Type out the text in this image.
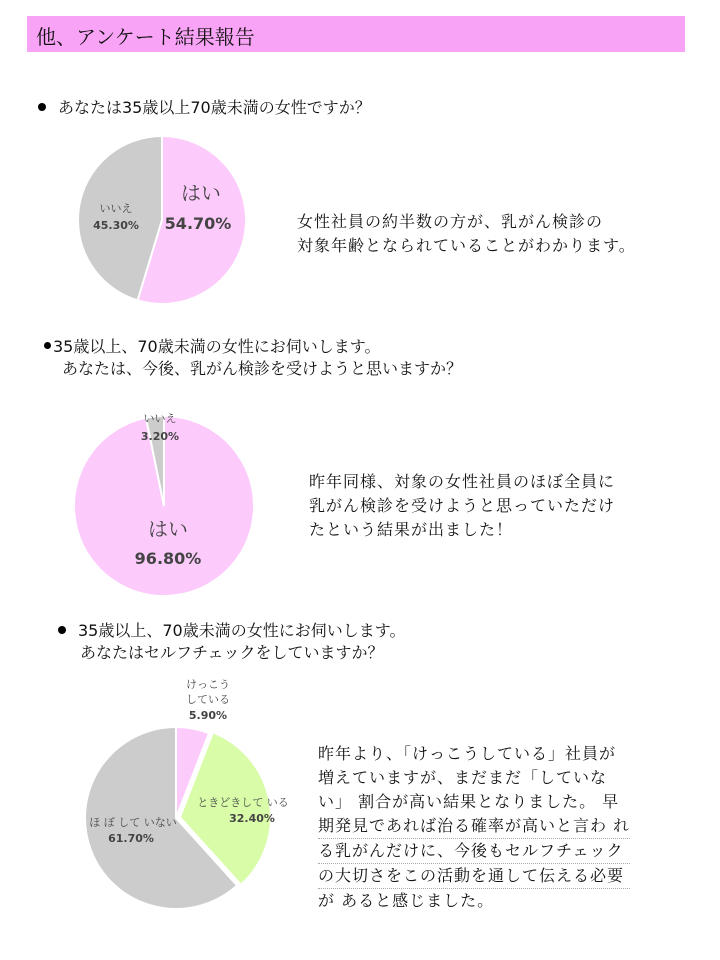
他、アンケート結果報告
あなたは35歳以上70歳未満の女性ですか？
はい
54.70%
いいえ
45.30%	女性社員の約半数の方が、乳がん検診の
対象年齢となられていることがわかります。
35歳以上、70歳未満の女性にお伺いします。
あなたは、今後、乳がん検診を受けようと思いますか？
いいえ
3.20%
はい
96.80%
昨年同様、対象の女性社員のほぼ全員に
乳がん検診を受けようと思っていただけ
たという結果が出ました！
35歳以上、70歳未満の女性にお伺いします。
あなたはセルフチェックをしていますか？
けっこう
している
5.90%
ときどきして いる
32.40%
ほ ぼ して いない
61.70%
昨年より、「けっこうしている」社員が
増えていますが、まだまだ「していな
い」 割合が高い結果となりました。 早
期発見であれば治る確率が高いと言わ れ
る乳がんだけに、今後もセルフチェック
の大切さをこの活動を通して伝える必要
が あると感じました。
